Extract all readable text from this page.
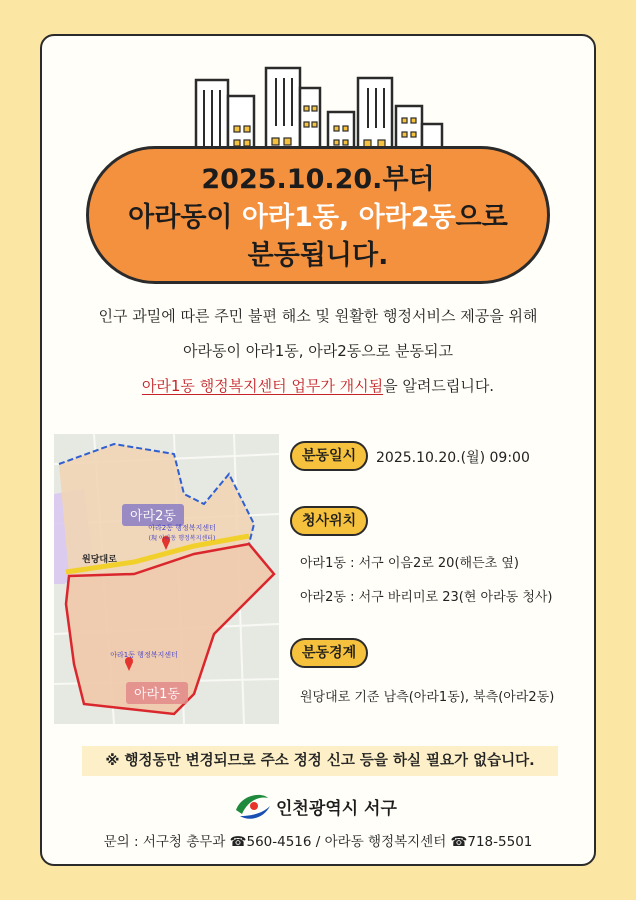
2025.10.20.부터
아라동이 아라1동, 아라2동으로
분동됩니다.
인구 과밀에 따른 주민 불편 해소 및 원활한 행정서비스 제공을 위해
아라동이 아라1동, 아라2동으로 분동되고
아라1동 행정복지센터 업무가 개시됨을 알려드립니다.
아라2동
아라1동
아라2동 행정복지센터
(現 아라동 행정복지센터)
아라1동 행정복지센터
원당대로
분동일시	2025.10.20.(월) 09:00
청사위치
아라1동 : 서구 이음2로 20(해든초 옆)
아라2동 : 서구 바리미로 23(현 아라동 청사)
분동경계
원당대로 기준 남측(아라1동), 북측(아라2동)
※ 행정동만 변경되므로 주소 정정 신고 등을 하실 필요가 없습니다.
인천광역시 서구
문의 : 서구청 총무과 ☎560-4516 / 아라동 행정복지센터 ☎718-5501
